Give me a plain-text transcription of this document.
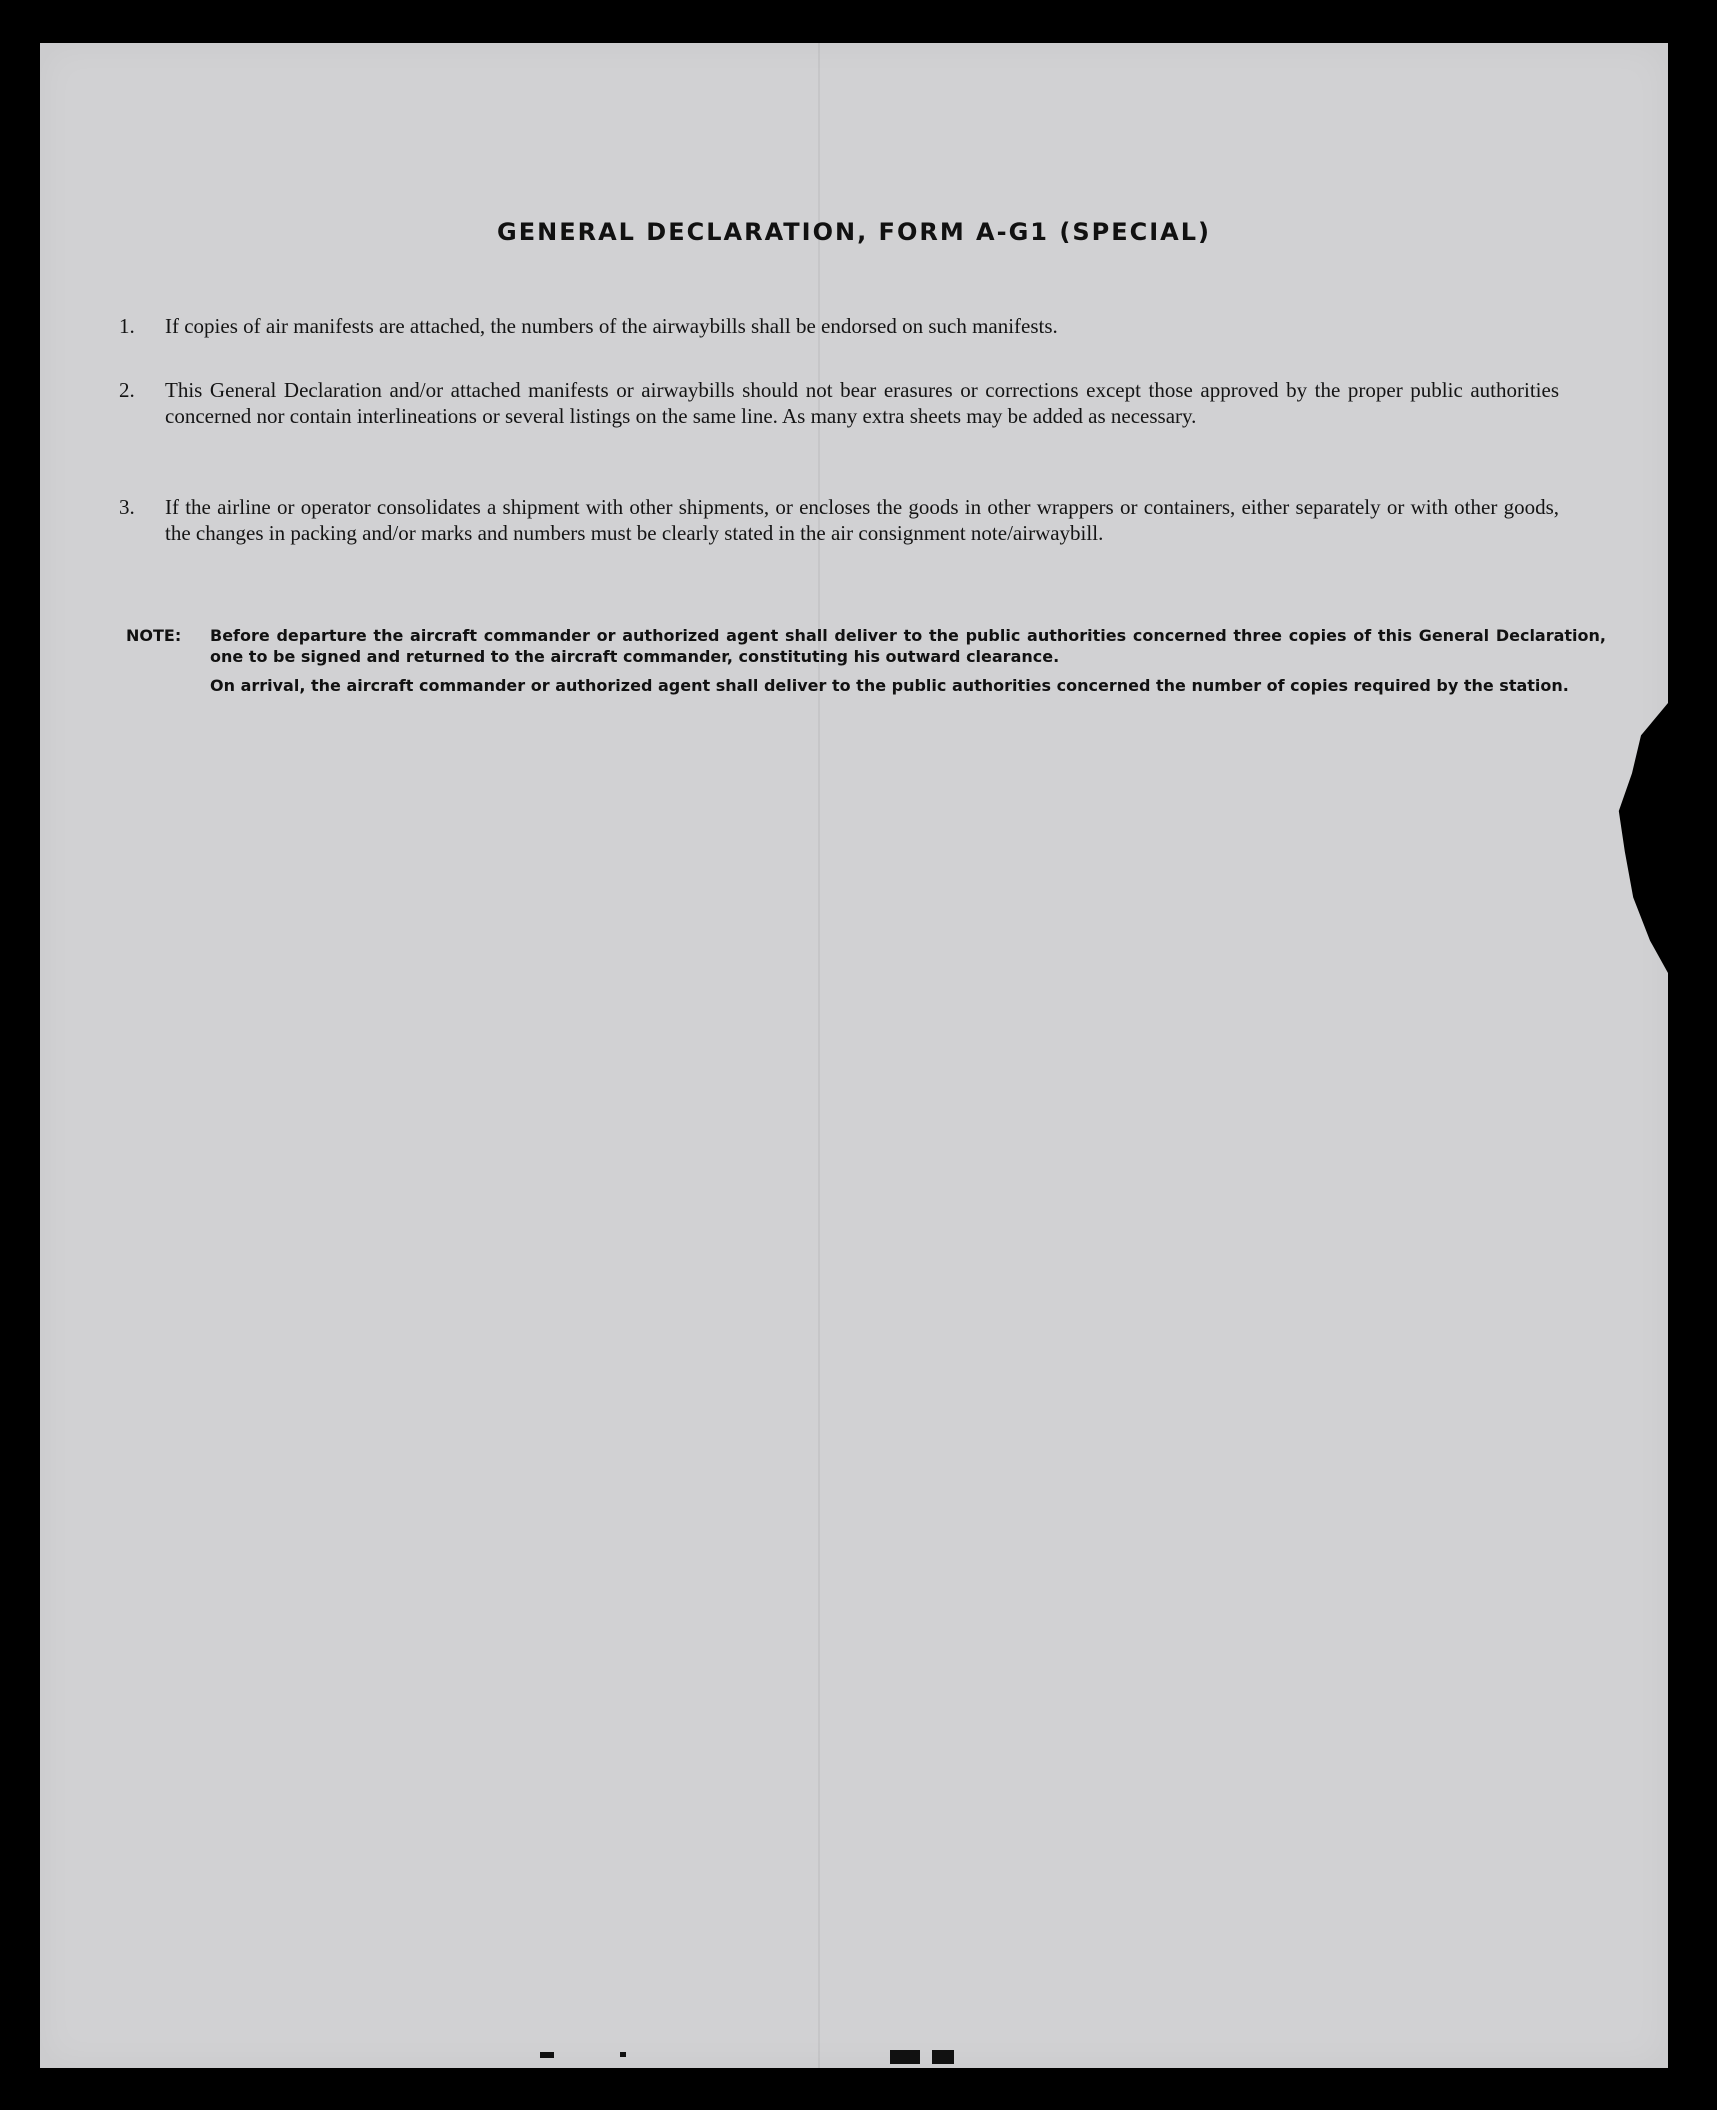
GENERAL DECLARATION, FORM A-G1 (SPECIAL)
1.	If copies of air manifests are attached, the numbers of the airwaybills shall be endorsed on such manifests.
2.	This General Declaration and/or attached manifests or airwaybills should not bear erasures or corrections except those approved by the proper public authorities concerned nor contain interlineations or several listings on the same line. As many extra sheets may be added as necessary.
3.	If the airline or operator consolidates a shipment with other shipments, or encloses the goods in other wrappers or containers, either separately or with other goods, the changes in packing and/or marks and numbers must be clearly stated in the air consignment note/airwaybill.
NOTE: Before departure the aircraft commander or authorized agent shall deliver to the public authorities concerned three copies of this General Declaration, one to be signed and returned to the aircraft commander, constituting his outward clearance.
On arrival, the aircraft commander or authorized agent shall deliver to the public authorities concerned the number of copies required by the station.
